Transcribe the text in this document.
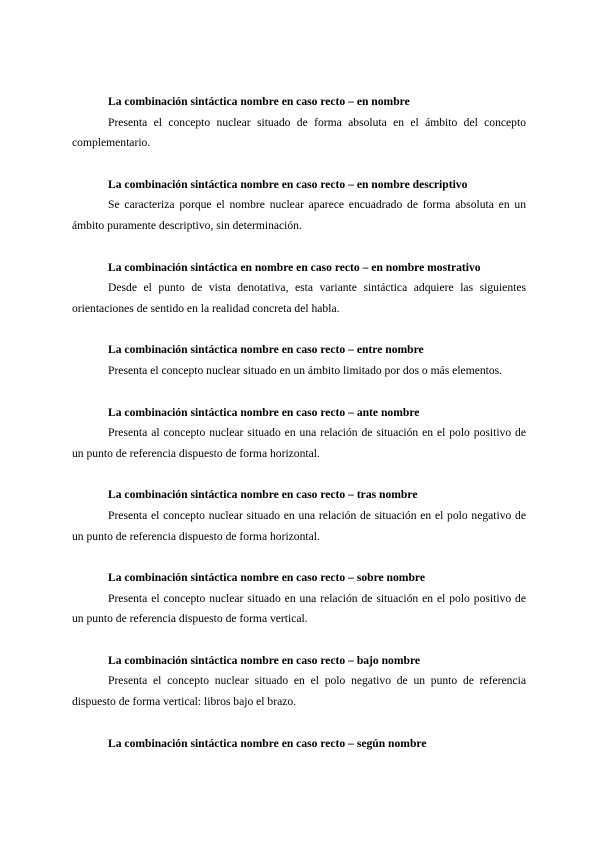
La combinación sintáctica nombre en caso recto – en nombre

Presenta el concepto nuclear situado de forma absoluta en el ámbito del concepto complementario.

La combinación sintáctica nombre en caso recto – en nombre descriptivo

Se caracteriza porque el nombre nuclear aparece encuadrado de forma absoluta en un ámbito puramente descriptivo, sin determinación.

La combinación sintáctica en nombre en caso recto – en nombre mostrativo

Desde el punto de vista denotativa, esta variante sintáctica adquiere las siguientes orientaciones de sentido en la realidad concreta del habla.

La combinación sintáctica nombre en caso recto – entre nombre

Presenta el concepto nuclear situado en un ámbito limitado por dos o más elementos.

La combinación sintáctica nombre en caso recto – ante nombre

Presenta al concepto nuclear situado en una relación de situación en el polo positivo de un punto de referencia dispuesto de forma horizontal.

La combinación sintáctica nombre en caso recto – tras nombre

Presenta el concepto nuclear situado en una relación de situación en el polo negativo de un punto de referencia dispuesto de forma horizontal.

La combinación sintáctica nombre en caso recto – sobre nombre

Presenta el concepto nuclear situado en una relación de situación en el polo positivo de un punto de referencia dispuesto de forma vertical.

La combinación sintáctica nombre en caso recto – bajo nombre

Presenta el concepto nuclear situado en el polo negativo de un punto de referencia dispuesto de forma vertical: libros bajo el brazo.

La combinación sintáctica nombre en caso recto – según nombre
